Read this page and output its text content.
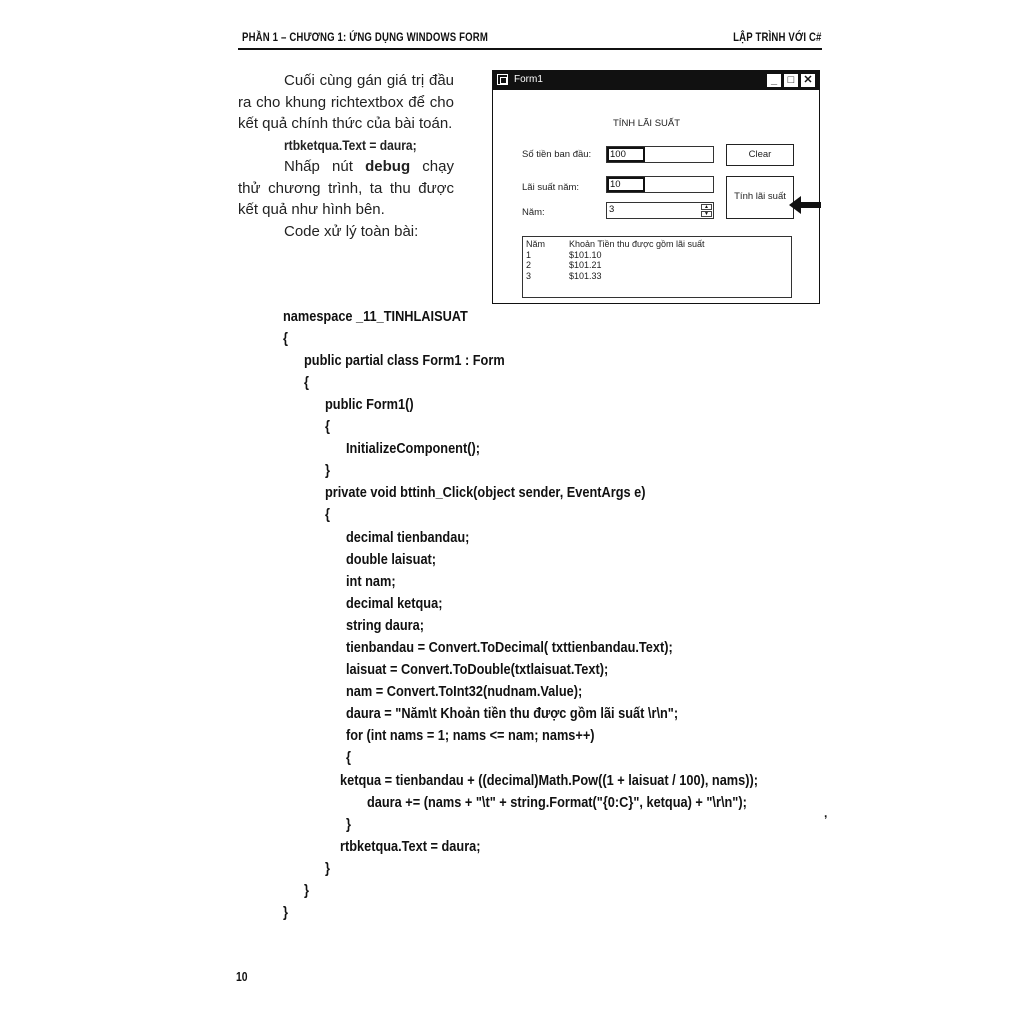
PHẦN 1 – CHƯƠNG 1: ỨNG DỤNG WINDOWS FORM	LẬP TRÌNH VỚI C#

Cuối cùng gán giá trị đầu ra cho khung richtextbox để cho kết quả chính thức của bài toán.

rtbketqua.Text = daura;

Nhấp nút debug chạy thử chương trình, ta thu được kết quả như hình bên.

Code xử lý toàn bài:

Form1	_ □ ✕
TÍNH LÃI SUẤT
Số tiền ban đầu:	100
Lãi suất năm:	10
Năm:	3	▲
▼
Clear
Tính lãi suất
Năm	Khoản Tiền thu được gồm lãi suất
1	$101.10
2	$101.21
3	$101.33
namespace _11_TINHLAISUAT
{
public partial class Form1 : Form
{
public Form1()
{
InitializeComponent();
}
private void bttinh_Click(object sender, EventArgs e)
{
decimal tienbandau;
double laisuat;
int nam;
decimal ketqua;
string daura;
tienbandau = Convert.ToDecimal( txttienbandau.Text);
laisuat = Convert.ToDouble(txtlaisuat.Text);
nam = Convert.ToInt32(nudnam.Value);
daura = "Năm\t Khoản tiền thu được gồm lãi suất \r\n";
for (int nams = 1; nams <= nam; nams++)
{
ketqua = tienbandau + ((decimal)Math.Pow((1 + laisuat / 100), nams));
daura += (nams + "\t" + string.Format("{0:C}", ketqua) + "\r\n");
}
rtbketqua.Text = daura;
}
}
}
,
10
